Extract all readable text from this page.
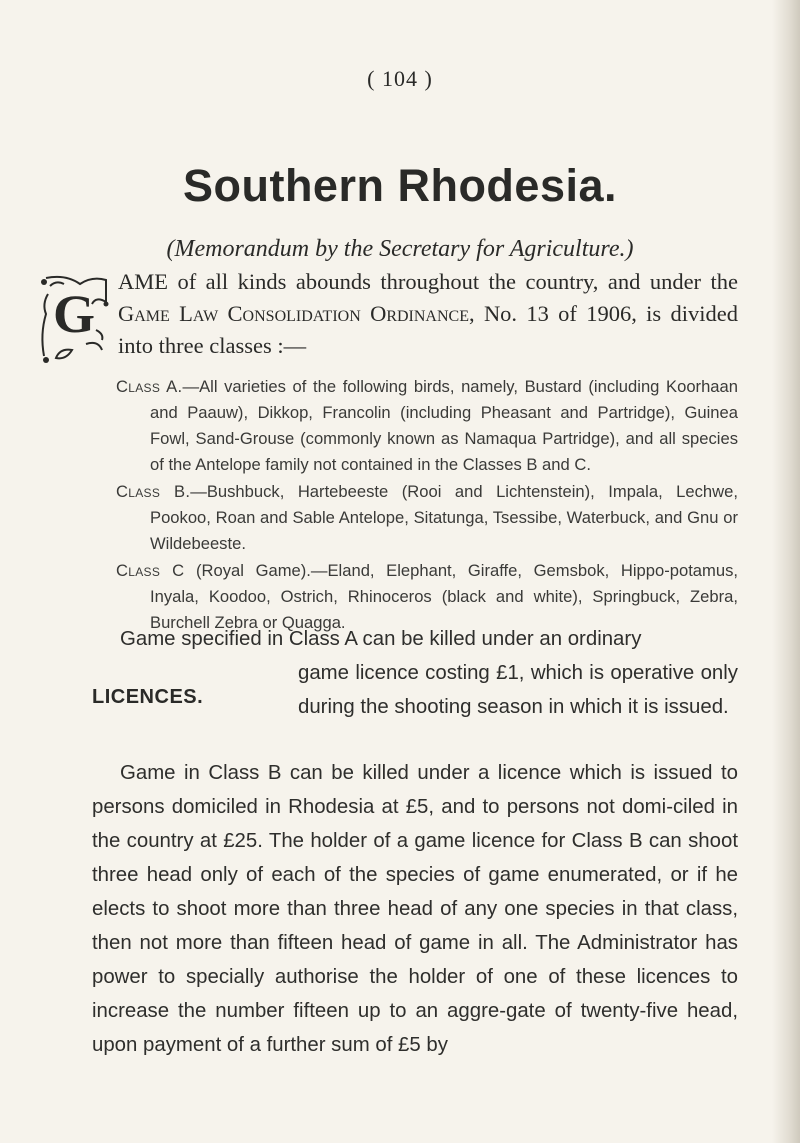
( 104 )
Southern Rhodesia.
(Memorandum by the Secretary for Agriculture.)
G

AME of all kinds abounds throughout the country, and under the Game Law Consolidation Ordinance, No. 13 of 1906, is divided into three classes :—

Class A.—All varieties of the following birds, namely, Bustard (including Koorhaan and Paauw), Dikkop, Francolin (including Pheasant and Partridge), Guinea Fowl, Sand-Grouse (commonly known as Namaqua Partridge), and all species of the Antelope family not contained in the Classes B and C.

Class B.—Bushbuck, Hartebeeste (Rooi and Lichtenstein), Impala, Lechwe, Pookoo, Roan and Sable Antelope, Sitatunga, Tsessibe, Waterbuck, and Gnu or Wildebeeste.

Class C (Royal Game).—Eland, Elephant, Giraffe, Gemsbok, Hippo-potamus, Inyala, Koodoo, Ostrich, Rhinoceros (black and white), Springbuck, Zebra, Burchell Zebra or Quagga.

Game specified in Class A can be killed under an ordinary

game licence costing £1, which is operative only during the shooting season in which it is issued.

LICENCES.

Game in Class B can be killed under a licence which is issued to persons domiciled in Rhodesia at £5, and to persons not domi-ciled in the country at £25. The holder of a game licence for Class B can shoot three head only of each of the species of game enumerated, or if he elects to shoot more than three head of any one species in that class, then not more than fifteen head of game in all. The Administrator has power to specially authorise the holder of one of these licences to increase the number fifteen up to an aggre-gate of twenty-five head, upon payment of a further sum of £5 by
